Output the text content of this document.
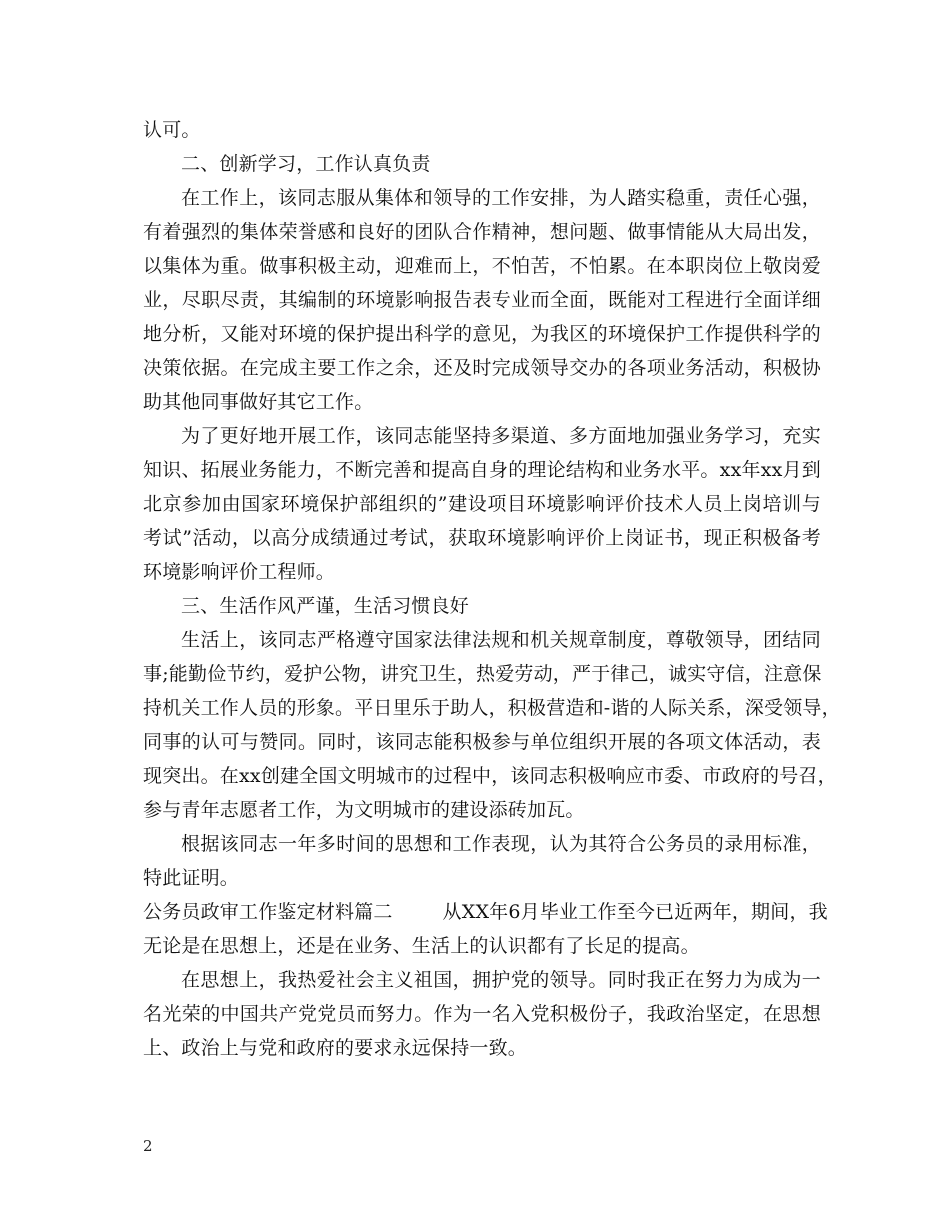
认可。
二、创新学习，工作认真负责
在工作上，该同志服从集体和领导的工作安排，为人踏实稳重，责任心强，
有着强烈的集体荣誉感和良好的团队合作精神，想问题、做事情能从大局出发，
以集体为重。做事积极主动，迎难而上，不怕苦，不怕累。在本职岗位上敬岗爱
业，尽职尽责，其编制的环境影响报告表专业而全面，既能对工程进行全面详细
地分析，又能对环境的保护提出科学的意见，为我区的环境保护工作提供科学的
决策依据。在完成主要工作之余，还及时完成领导交办的各项业务活动，积极协
助其他同事做好其它工作。
为了更好地开展工作，该同志能坚持多渠道、多方面地加强业务学习，充实
知识、拓展业务能力，不断完善和提高自身的理论结构和业务水平。xx年xx月到
北京参加由国家环境保护部组织的”建设项目环境影响评价技术人员上岗培训与
考试”活动，以高分成绩通过考试，获取环境影响评价上岗证书，现正积极备考
环境影响评价工程师。
三、生活作风严谨，生活习惯良好
生活上，该同志严格遵守国家法律法规和机关规章制度，尊敬领导，团结同
事;能勤俭节约，爱护公物，讲究卫生，热爱劳动，严于律己，诚实守信，注意保
持机关工作人员的形象。平日里乐于助人，积极营造和-谐的人际关系，深受领导，
同事的认可与赞同。同时，该同志能积极参与单位组织开展的各项文体活动，表
现突出。在xx创建全国文明城市的过程中，该同志积极响应市委、市政府的号召，
参与青年志愿者工作，为文明城市的建设添砖加瓦。
根据该同志一年多时间的思想和工作表现，认为其符合公务员的录用标准，
特此证明。
公务员政审工作鉴定材料篇二        从XX年6月毕业工作至今已近两年，期间，我
无论是在思想上，还是在业务、生活上的认识都有了长足的提高。
在思想上，我热爱社会主义祖国，拥护党的领导。同时我正在努力为成为一
名光荣的中国共产党党员而努力。作为一名入党积极份子，我政治坚定，在思想
上、政治上与党和政府的要求永远保持一致。
2
